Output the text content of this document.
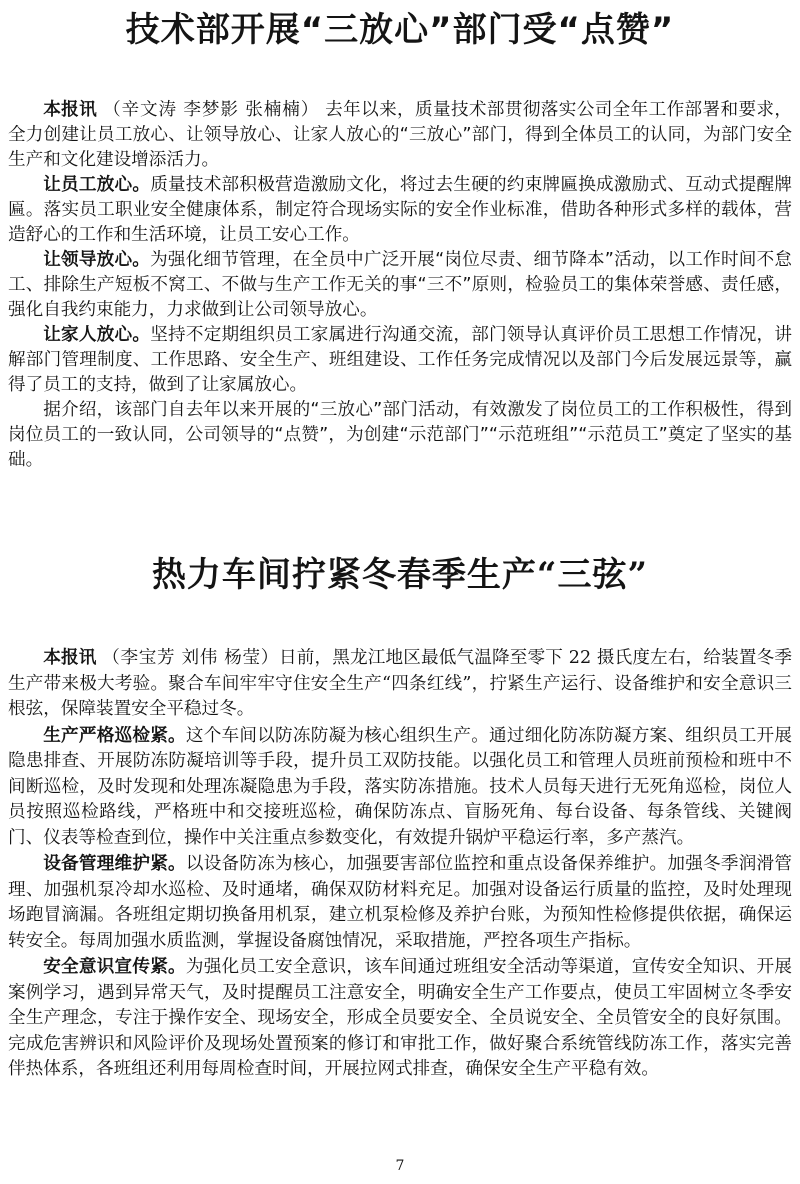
技术部开展“三放心”部门受“点赞”

本报讯 （辛文涛 李梦影 张楠楠） 去年以来，质量技术部贯彻落实公司全年工作部署和要求，全力创建让员工放心、让领导放心、让家人放心的“三放心”部门，得到全体员工的认同，为部门安全生产和文化建设增添活力。

让员工放心。质量技术部积极营造激励文化，将过去生硬的约束牌匾换成激励式、互动式提醒牌匾。落实员工职业安全健康体系，制定符合现场实际的安全作业标准，借助各种形式多样的载体，营造舒心的工作和生活环境，让员工安心工作。

让领导放心。为强化细节管理，在全员中广泛开展“岗位尽责、细节降本”活动，以工作时间不怠工、排除生产短板不窝工、不做与生产工作无关的事“三不”原则，检验员工的集体荣誉感、责任感，强化自我约束能力，力求做到让公司领导放心。

让家人放心。坚持不定期组织员工家属进行沟通交流，部门领导认真评价员工思想工作情况，讲解部门管理制度、工作思路、安全生产、班组建设、工作任务完成情况以及部门今后发展远景等，赢得了员工的支持，做到了让家属放心。

据介绍，该部门自去年以来开展的“三放心”部门活动，有效激发了岗位员工的工作积极性，得到岗位员工的一致认同，公司领导的“点赞”，为创建“示范部门”“示范班组”“示范员工”奠定了坚实的基础。

热力车间拧紧冬春季生产“三弦”

本报讯 （李宝芳 刘伟 杨莹）日前，黑龙江地区最低气温降至零下 22 摄氏度左右，给装置冬季生产带来极大考验。聚合车间牢牢守住安全生产“四条红线”，拧紧生产运行、设备维护和安全意识三根弦，保障装置安全平稳过冬。

生产严格巡检紧。这个车间以防冻防凝为核心组织生产。通过细化防冻防凝方案、组织员工开展隐患排查、开展防冻防凝培训等手段，提升员工双防技能。以强化员工和管理人员班前预检和班中不间断巡检，及时发现和处理冻凝隐患为手段，落实防冻措施。技术人员每天进行无死角巡检，岗位人员按照巡检路线，严格班中和交接班巡检，确保防冻点、盲肠死角、每台设备、每条管线、关键阀门、仪表等检查到位，操作中关注重点参数变化，有效提升锅炉平稳运行率，多产蒸汽。

设备管理维护紧。以设备防冻为核心，加强要害部位监控和重点设备保养维护。加强冬季润滑管理、加强机泵冷却水巡检、及时通堵，确保双防材料充足。加强对设备运行质量的监控，及时处理现场跑冒滴漏。各班组定期切换备用机泵，建立机泵检修及养护台账，为预知性检修提供依据，确保运转安全。每周加强水质监测，掌握设备腐蚀情况，采取措施，严控各项生产指标。

安全意识宣传紧。为强化员工安全意识，该车间通过班组安全活动等渠道，宣传安全知识、开展案例学习，遇到异常天气，及时提醒员工注意安全，明确安全生产工作要点，使员工牢固树立冬季安全生产理念，专注于操作安全、现场安全，形成全员要安全、全员说安全、全员管安全的良好氛围。完成危害辨识和风险评价及现场处置预案的修订和审批工作，做好聚合系统管线防冻工作，落实完善伴热体系，各班组还利用每周检查时间，开展拉网式排查，确保安全生产平稳有效。

7
